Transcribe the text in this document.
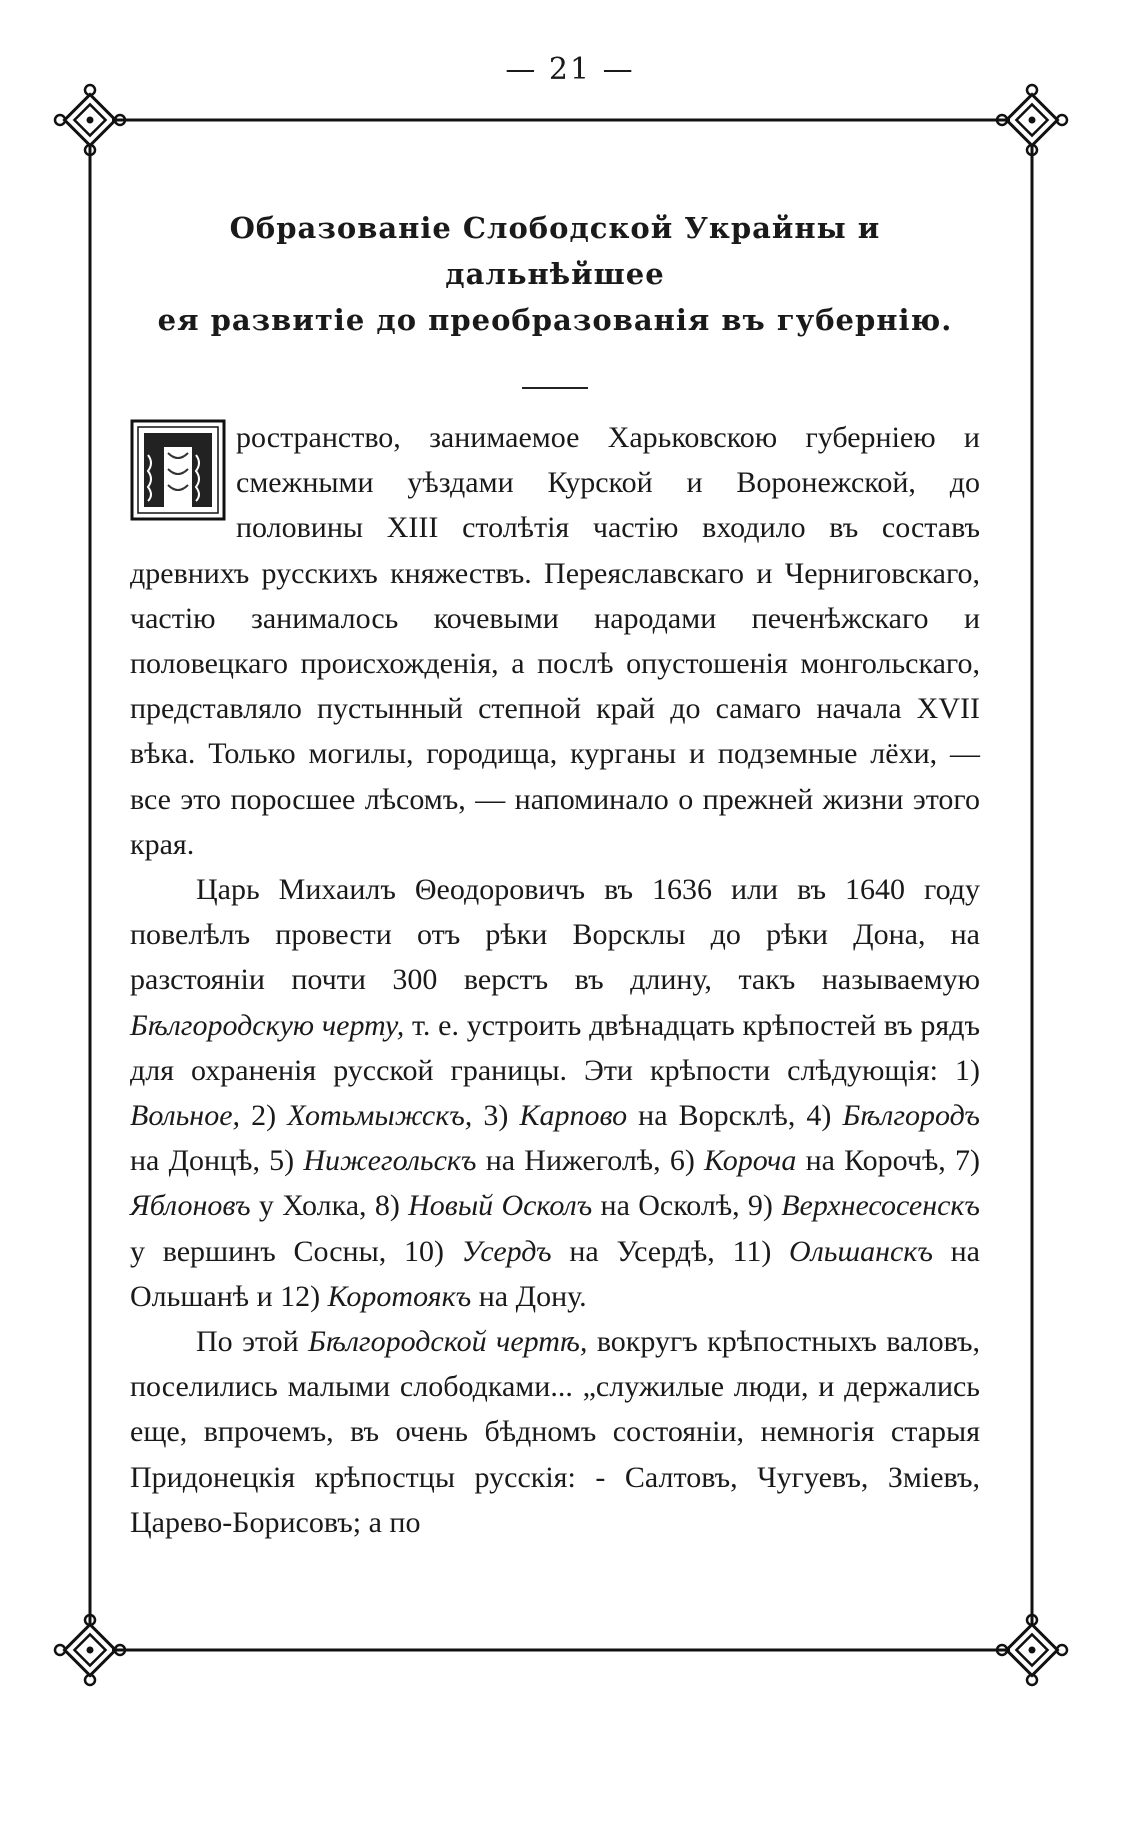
— 21 —
Образованіе Слободской Украйны и дальнѣйшее
ея развитіе до преобразованія въ губернію.

П
ространство, занимаемое Харьковскою губерніею и смежными уѣздами Курской и Воронежской, до половины XIII столѣтія частію входило въ составъ древнихъ русскихъ княжествъ. Переяславскаго и Черниговскаго, частію занималось кочевыми народами печенѣжскаго и половецкаго происхожденія, а послѣ опустошенія монгольскаго, представляло пустынный степной край до самаго начала XVII вѣка. Только могилы, городища, курганы и подземные лёхи, — все это поросшее лѣсомъ, — напоминало о прежней жизни этого края.

Царь Михаилъ Θеодоровичъ въ 1636 или въ 1640 году повелѣлъ провести отъ рѣки Ворсклы до рѣки Дона, на разстояніи почти 300 верстъ въ длину, такъ называемую Бѣлгородскую черту, т. е. устроить двѣнадцать крѣпостей въ рядъ для охраненія русской границы. Эти крѣпости слѣдующія: 1) Вольное, 2) Хотьмыжскъ, 3) Карпово на Ворсклѣ, 4) Бѣлгородъ на Донцѣ, 5) Нижегольскъ на Нижеголѣ, 6) Короча на Корочѣ, 7) Яблоновъ у Холка, 8) Новый Осколъ на Осколѣ, 9) Верхнесосенскъ у вершинъ Сосны, 10) Усердъ на Усердѣ, 11) Ольшанскъ на Ольшанѣ и 12) Коротоякъ на Дону.

По этой Бѣлгородской чертѣ, вокругъ крѣпостныхъ валовъ, поселились малыми слободками... „служилые люди, и держались еще, впрочемъ, въ очень бѣдномъ состояніи, немногія старыя Придонецкія крѣпостцы русскія: - Салтовъ, Чугуевъ, Змiевъ, Царево-Борисовъ; а по
